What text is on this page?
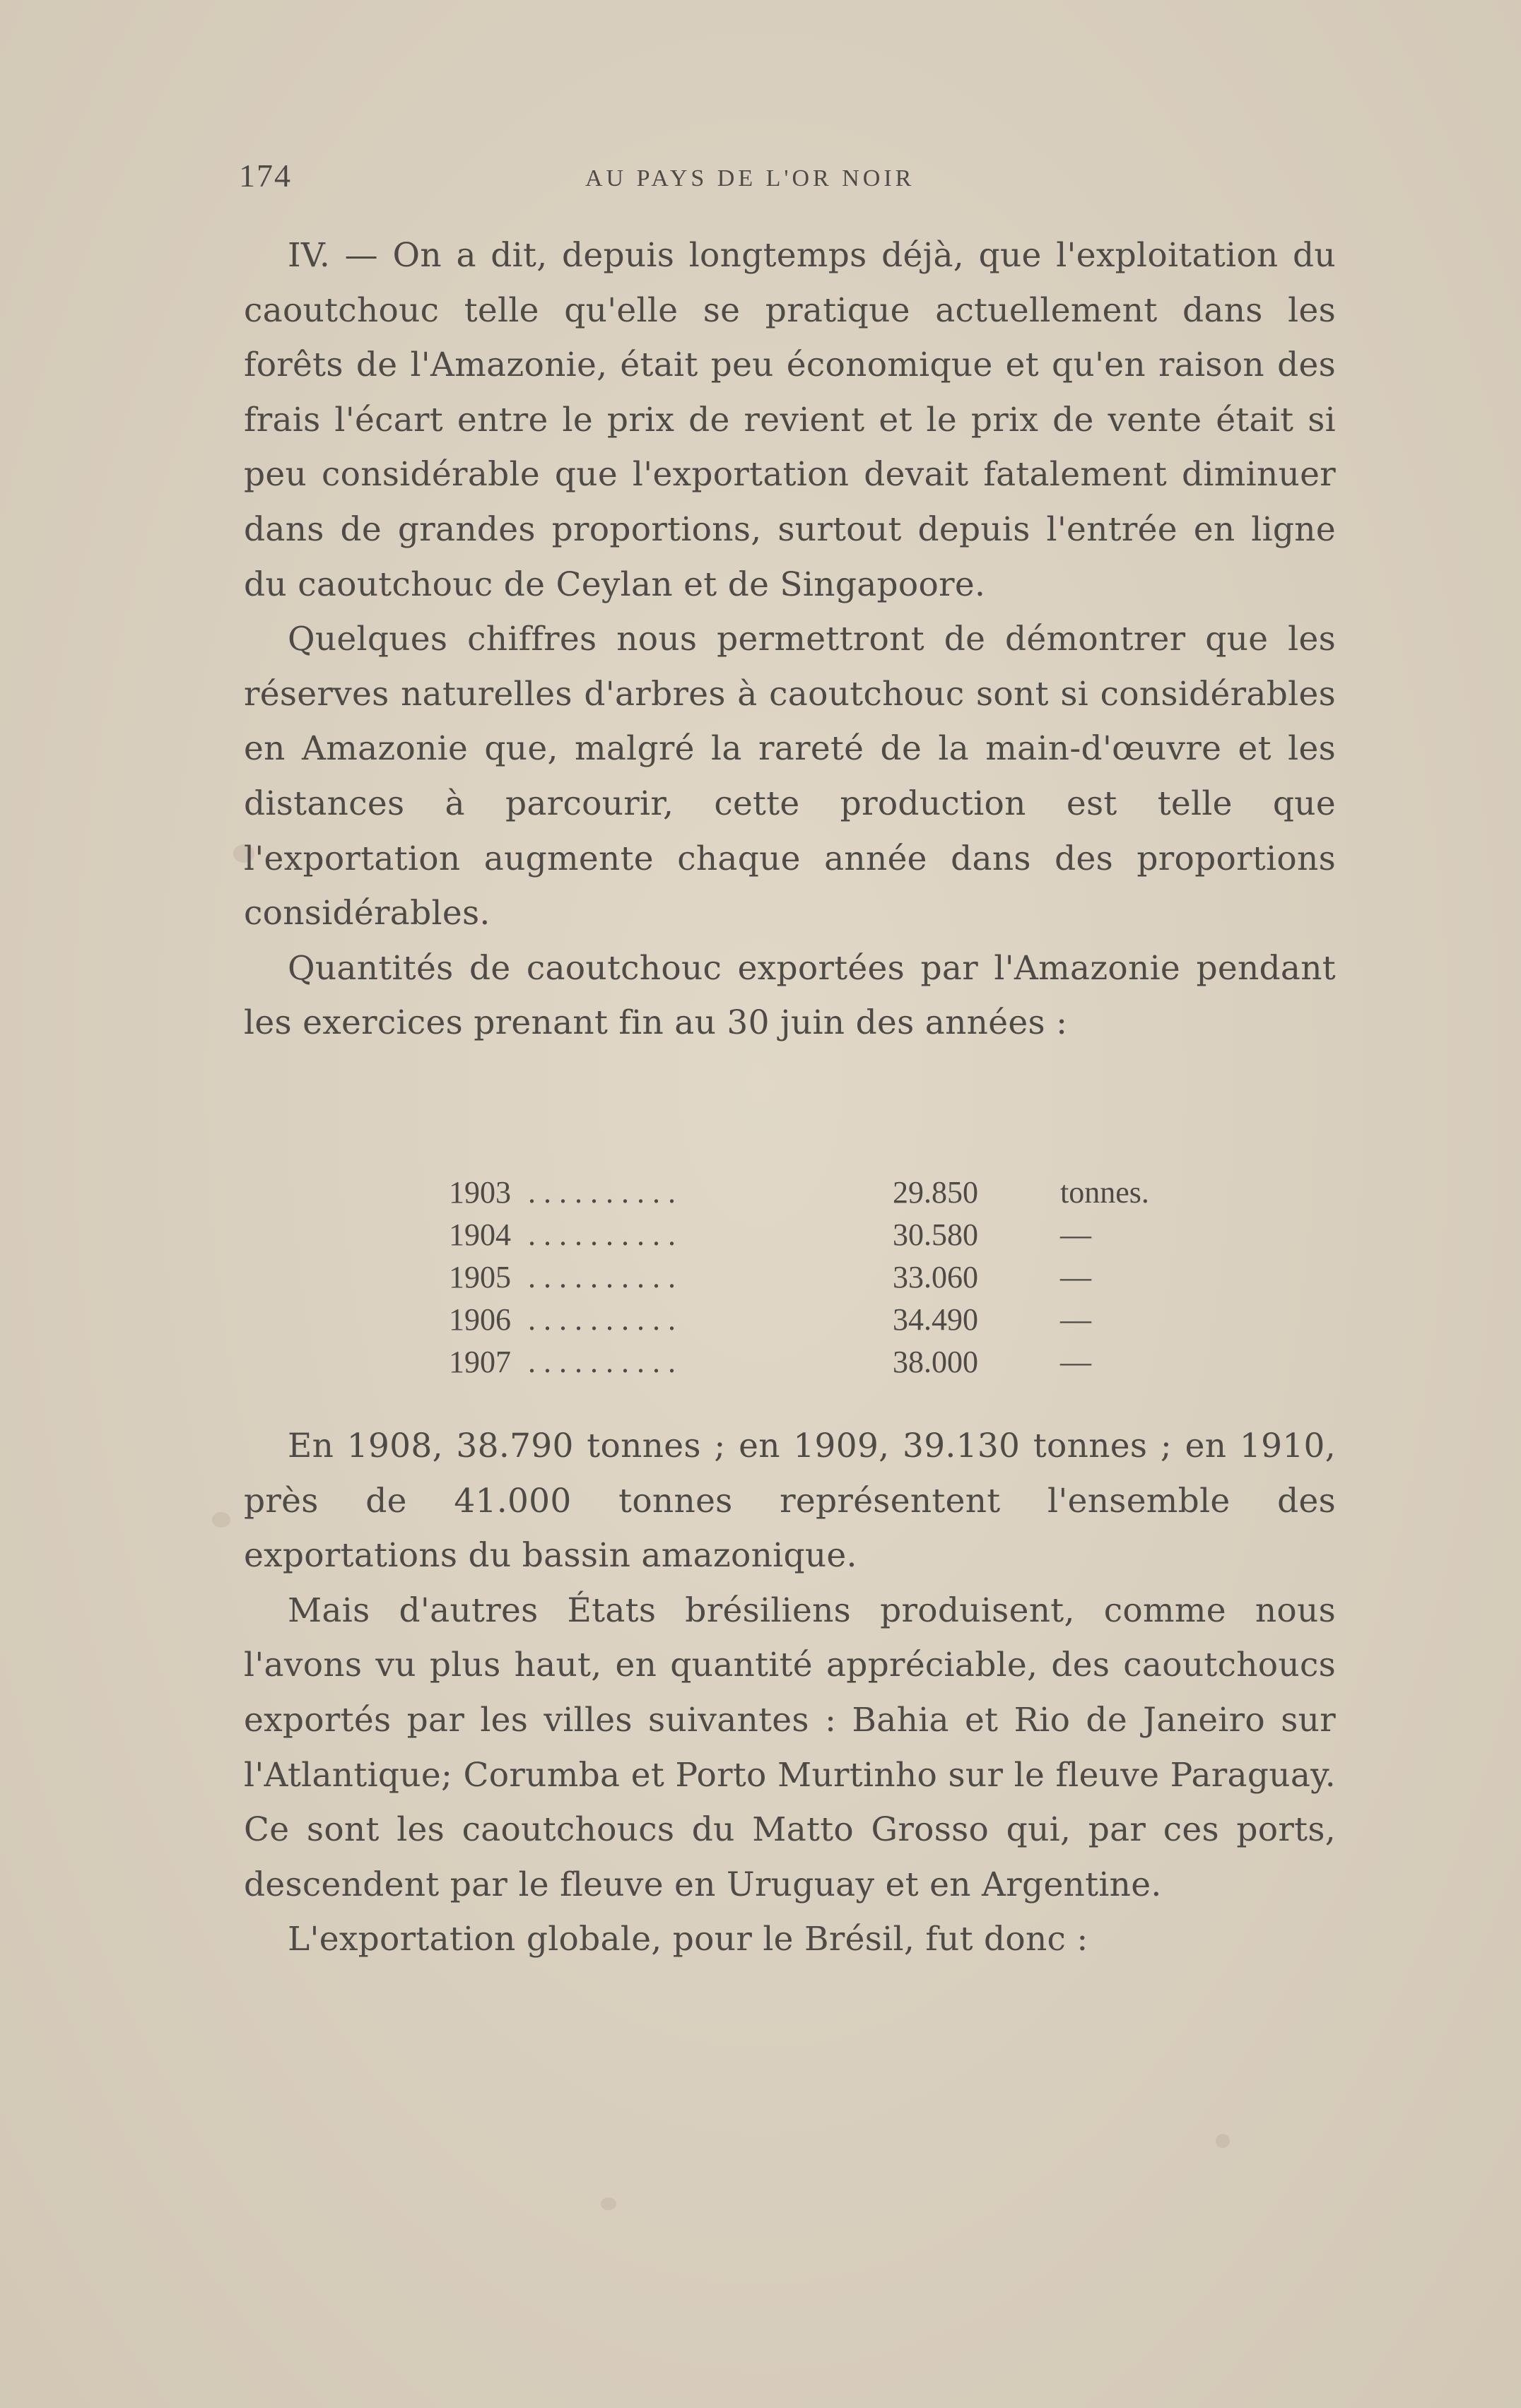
174	AU PAYS DE L'OR NOIR

IV. — On a dit, depuis longtemps déjà, que l'exploitation du caoutchouc telle qu'elle se pratique actuellement dans les forêts de l'Amazonie, était peu économique et qu'en raison des frais l'écart entre le prix de revient et le prix de vente était si peu considérable que l'exportation devait fatalement diminuer dans de grandes proportions, surtout depuis l'entrée en ligne du caoutchouc de Ceylan et de Singapoore.

Quelques chiffres nous permettront de démontrer que les réserves naturelles d'arbres à caoutchouc sont si considérables en Amazonie que, malgré la rareté de la main-d'œuvre et les distances à parcourir, cette production est telle que l'exportation augmente chaque année dans des proportions considérables.

Quantités de caoutchouc exportées par l'Amazonie pendant les exercices prenant fin au 30 juin des années :

1903 ..........	29.850	tonnes.
1904 ..........	30.580	—
1905 ..........	33.060	—
1906 ..........	34.490	—
1907 ..........	38.000	—

En 1908, 38.790 tonnes ; en 1909, 39.130 tonnes ; en 1910, près de 41.000 tonnes représentent l'ensemble des exportations du bassin amazonique.

Mais d'autres États brésiliens produisent, comme nous l'avons vu plus haut, en quantité appréciable, des caoutchoucs exportés par les villes suivantes : Bahia et Rio de Janeiro sur l'Atlantique; Corumba et Porto Murtinho sur le fleuve Paraguay. Ce sont les caoutchoucs du Matto Grosso qui, par ces ports, descendent par le fleuve en Uruguay et en Argentine.

L'exportation globale, pour le Brésil, fut donc :
